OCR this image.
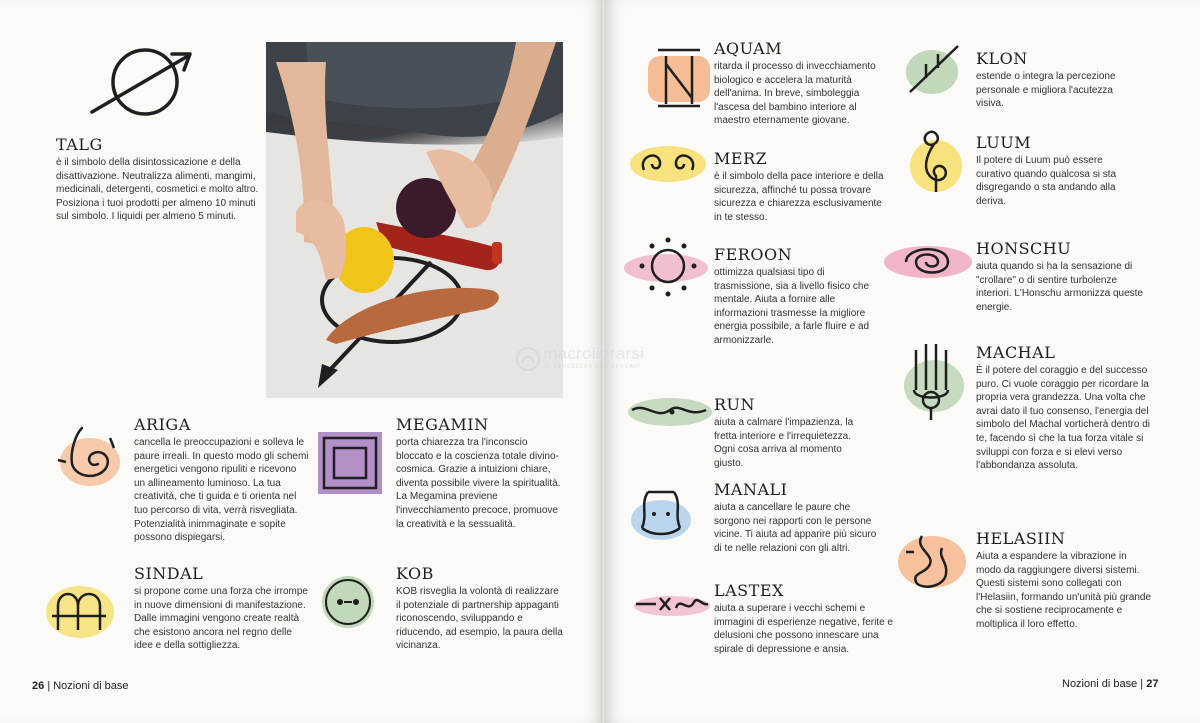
TALG

è il simbolo della disintossicazione e della disattivazione. Neutralizza alimenti, mangimi, medicinali, detergenti, cosmetici e molto altro. Posiziona i tuoi prodotti per almeno 10 minuti sul simbolo. I liquidi per almeno 5 minuti.

ARIGA

cancella le preoccupazioni e solleva le paure irreali. In questo modo gli schemi energetici vengono ripuliti e ricevono un allineamento luminoso. La tua creatività, che ti guida e ti orienta nel tuo percorso di vita, verrà risvegliata. Potenzialità inimmaginate e sopite possono dispiegarsi.

MEGAMIN

porta chiarezza tra l'inconscio bloccato e la coscienza totale divino-cosmica. Grazie a intuizioni chiare, diventa possibile vivere la spiritualità. La Megamina previene l'invecchiamento precoce, promuove la creatività e la sessualità.

SINDAL

si propone come una forza che irrompe in nuove dimensioni di manifestazione. Dalle immagini vengono create realtà che esistono ancora nel regno delle idee e della sottigliezza.

KOB

KOB risveglia la volontà di realizzare il potenziale di partnership appaganti riconoscendo, sviluppando e riducendo, ad esempio, la paura della vicinanza.

26 | Nozioni di base
AQUAM

ritarda il processo di invecchiamento biologico e accelera la maturità dell'anima. In breve, simboleggia l'ascesa del bambino interiore al maestro eternamente giovane.

MERZ

è il simbolo della pace interiore e della sicurezza, affinché tu possa trovare sicurezza e chiarezza esclusivamente in te stesso.

FEROON

ottimizza qualsiasi tipo di trasmissione, sia a livello fisico che mentale. Aiuta a fornire alle informazioni trasmesse la migliore energia possibile, a farle fluire e ad armonizzarle.

RUN

aiuta a calmare l'impazienza, la fretta interiore e l'irrequietezza. Ogni cosa arriva al momento giusto.

MANALI

aiuta a cancellare le paure che sorgono nei rapporti con le persone vicine. Ti aiuta ad apparire più sicuro di te nelle relazioni con gli altri.

LASTEX

aiuta a superare i vecchi schemi e immagini di esperienze negative, ferite e delusioni che possono innescare una spirale di depressione e ansia.

KLON

estende o integra la percezione personale e migliora l'acutezza visiva.

LUUM

Il potere di Luum può essere curativo quando qualcosa si sta disgregando o sta andando alla deriva.

HONSCHU

aiuta quando si ha la sensazione di "crollare" o di sentire turbolenze interiori. L'Honschu armonizza queste energie.

MACHAL

È il potere del coraggio e del successo puro. Ci vuole coraggio per ricordare la propria vera grandezza. Una volta che avrai dato il tuo consenso, l'energia del simbolo del Machal vorticherà dentro di te, facendo sì che la tua forza vitale si sviluppi con forza e si elevi verso l'abbondanza assoluta.

HELASIIN

Aiuta a espandere la vibrazione in modo da raggiungere diversi sistemi. Questi sistemi sono collegati con l'Helasiin, formando un'unità più grande che si sostiene reciprocamente e moltiplica il loro effetto.

Nozioni di base | 27
macrolibrarsi
IL BENESSERE CHE CERCAVI
